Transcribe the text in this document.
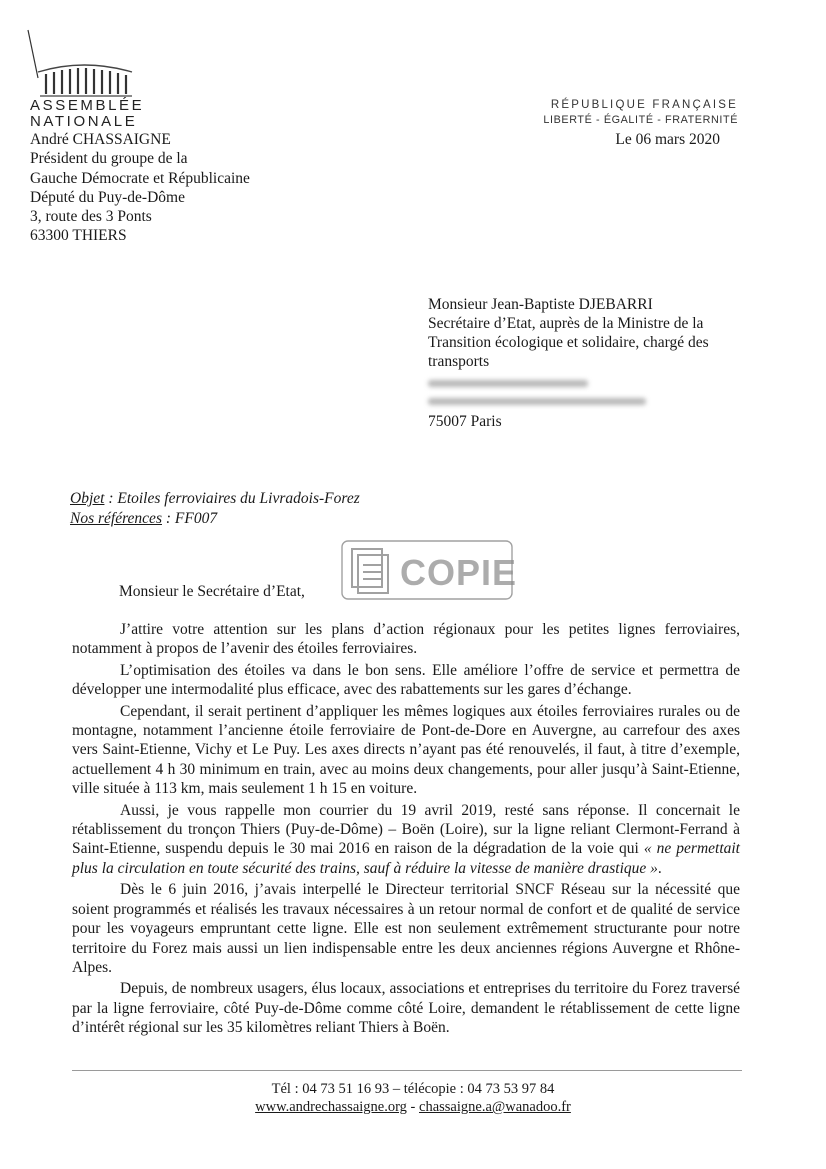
ASSEMBLÉE
NATIONALE
André CHASSAIGNE
Président du groupe de la
Gauche Démocrate et Républicaine
Député du Puy-de-Dôme
3, route des 3 Ponts
63300 THIERS
RÉPUBLIQUE FRANÇAISE
LIBERTÉ - ÉGALITÉ - FRATERNITÉ
Le 06 mars 2020
Monsieur Jean-Baptiste DJEBARRI
Secrétaire d’Etat, auprès de la Ministre de la
Transition écologique et solidaire, chargé des
transports
75007 Paris
Objet : Etoiles ferroviaires du Livradois-Forez
Nos références : FF007
COPIE
Monsieur le Secrétaire d’Etat,

J’attire votre attention sur les plans d’action régionaux pour les petites lignes ferroviaires, notamment à propos de l’avenir des étoiles ferroviaires.

L’optimisation des étoiles va dans le bon sens. Elle améliore l’offre de service et permettra de développer une intermodalité plus efficace, avec des rabattements sur les gares d’échange.

Cependant, il serait pertinent d’appliquer les mêmes logiques aux étoiles ferroviaires rurales ou de montagne, notamment l’ancienne étoile ferroviaire de Pont-de-Dore en Auvergne, au carrefour des axes vers Saint-Etienne, Vichy et Le Puy. Les axes directs n’ayant pas été renouvelés, il faut, à titre d’exemple, actuellement 4 h 30 minimum en train, avec au moins deux changements, pour aller jusqu’à Saint-Etienne, ville située à 113 km, mais seulement 1 h 15 en voiture.

Aussi, je vous rappelle mon courrier du 19 avril 2019, resté sans réponse. Il concernait le rétablissement du tronçon Thiers (Puy-de-Dôme) – Boën (Loire), sur la ligne reliant Clermont-Ferrand à Saint-Etienne, suspendu depuis le 30 mai 2016 en raison de la dégradation de la voie qui « ne permettait plus la circulation en toute sécurité des trains, sauf à réduire la vitesse de manière drastique ».

Dès le 6 juin 2016, j’avais interpellé le Directeur territorial SNCF Réseau sur la nécessité que soient programmés et réalisés les travaux nécessaires à un retour normal de confort et de qualité de service pour les voyageurs empruntant cette ligne. Elle est non seulement extrêmement structurante pour notre territoire du Forez mais aussi un lien indispensable entre les deux anciennes régions Auvergne et Rhône-Alpes.

Depuis, de nombreux usagers, élus locaux, associations et entreprises du territoire du Forez traversé par la ligne ferroviaire, côté Puy-de-Dôme comme côté Loire, demandent le rétablissement de cette ligne d’intérêt régional sur les 35 kilomètres reliant Thiers à Boën.

Tél : 04 73 51 16 93 – télécopie : 04 73 53 97 84
www.andrechassaigne.org - chassaigne.a@wanadoo.fr
